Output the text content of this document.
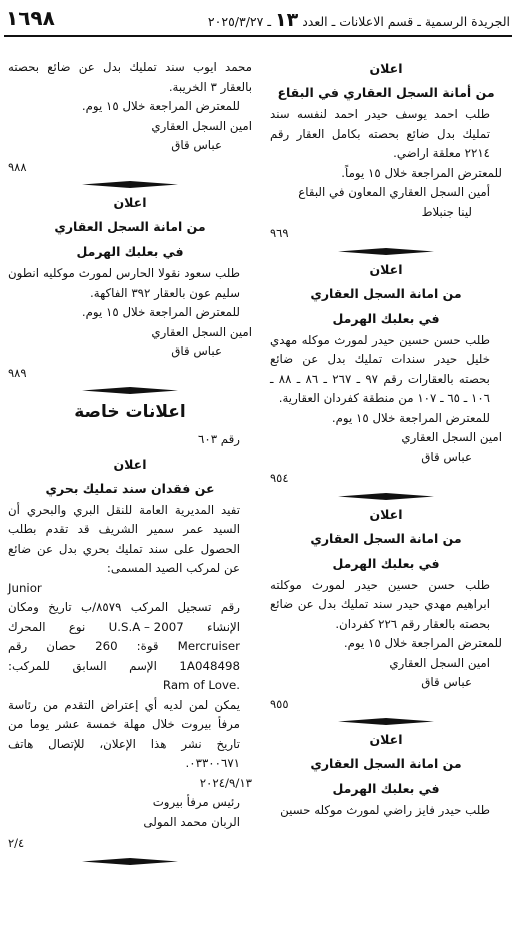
١٦٩٨	الجريدة الرسمية ـ قسم الاعلانات ـ العدد١٣ـ ٢٠٢٥/٣/٢٧
اعلان
من أمانة السجل العقاري في البقاع

طلب احمد يوسف حيدر احمد لنفسه سند تمليك بدل ضائع بحصته بكامل العقار رقم ٢٢١٤ معلقة اراضي.

للمعترض المراجعة خلال ١٥ يوماً.

أمين السجل العقاري المعاون في البقاع

لينا جنبلاط

٩٦٩
اعلان
من امانة السجل العقاري
في بعلبك الهرمل

طلب حسن حسين حيدر لمورث موكله مهدي خليل حيدر سندات تمليك بدل عن ضائع بحصته بالعقارات رقم ٩٧ ـ ٢٦٧ ـ ٨٦ ـ ٨٨ ـ ١٠٦ ـ ٦٥ ـ ١٠٧ من منطقة كفردان العقارية.

للمعترض المراجعة خلال ١٥ يوم.

امين السجل العقاري

عباس قاق

٩٥٤
اعلان
من امانة السجل العقاري
في بعلبك الهرمل

طلب حسن حسين حيدر لمورث موكلته ابراهيم مهدي حيدر سند تمليك بدل عن ضائع بحصته بالعقار رقم ٢٢٦ كفردان.

للمعترض المراجعة خلال ١٥ يوم.

امين السجل العقاري

عباس قاق

٩٥٥
اعلان
من امانة السجل العقاري
في بعلبك الهرمل

طلب حيدر فايز راضي لمورث موكله حسين

محمد ايوب سند تمليك بدل عن ضائع بحصته بالعقار ٣ الخريبة.

للمعترض المراجعة خلال ١٥ يوم.

امين السجل العقاري

عباس قاق

٩٨٨
اعلان
من امانة السجل العقاري
في بعلبك الهرمل

طلب سعود نقولا الحارس لمورث موكليه انطون سليم عون بالعقار ٣٩٢ الفاكهة.

للمعترض المراجعة خلال ١٥ يوم.

امين السجل العقاري

عباس قاق

٩٨٩
اعلانات خاصة

رقم ٦٠٣

اعلان
عن فقدان سند تمليك بحري

تفيد المديرية العامة للنقل البري والبحري أن السيد عمر سمير الشريف قد تقدم بطلب الحصول على سند تمليك بحري بدل عن ضائع عن لمركب الصيد المسمى:

Junior

رقم تسجيل المركب ٨٥٧٩/ب تاريخ ومكان الإنشاء U.S.A – 2007 نوع المحرك Mercruiser قوة: 260 حصان رقم 1A048498 الإسم السابق للمركب: Ram of Love.

يمكن لمن لديه أي إعتراض التقدم من رئاسة مرفأ بيروت خلال مهلة خمسة عشر يوما من تاريخ نشر هذا الإعلان، للإتصال هاتف ٠٣٣٠٠٦٧١.

٢٠٢٤/٩/١٣

رئيس مرفأ بيروت

الربان محمد المولى

٢/٤
